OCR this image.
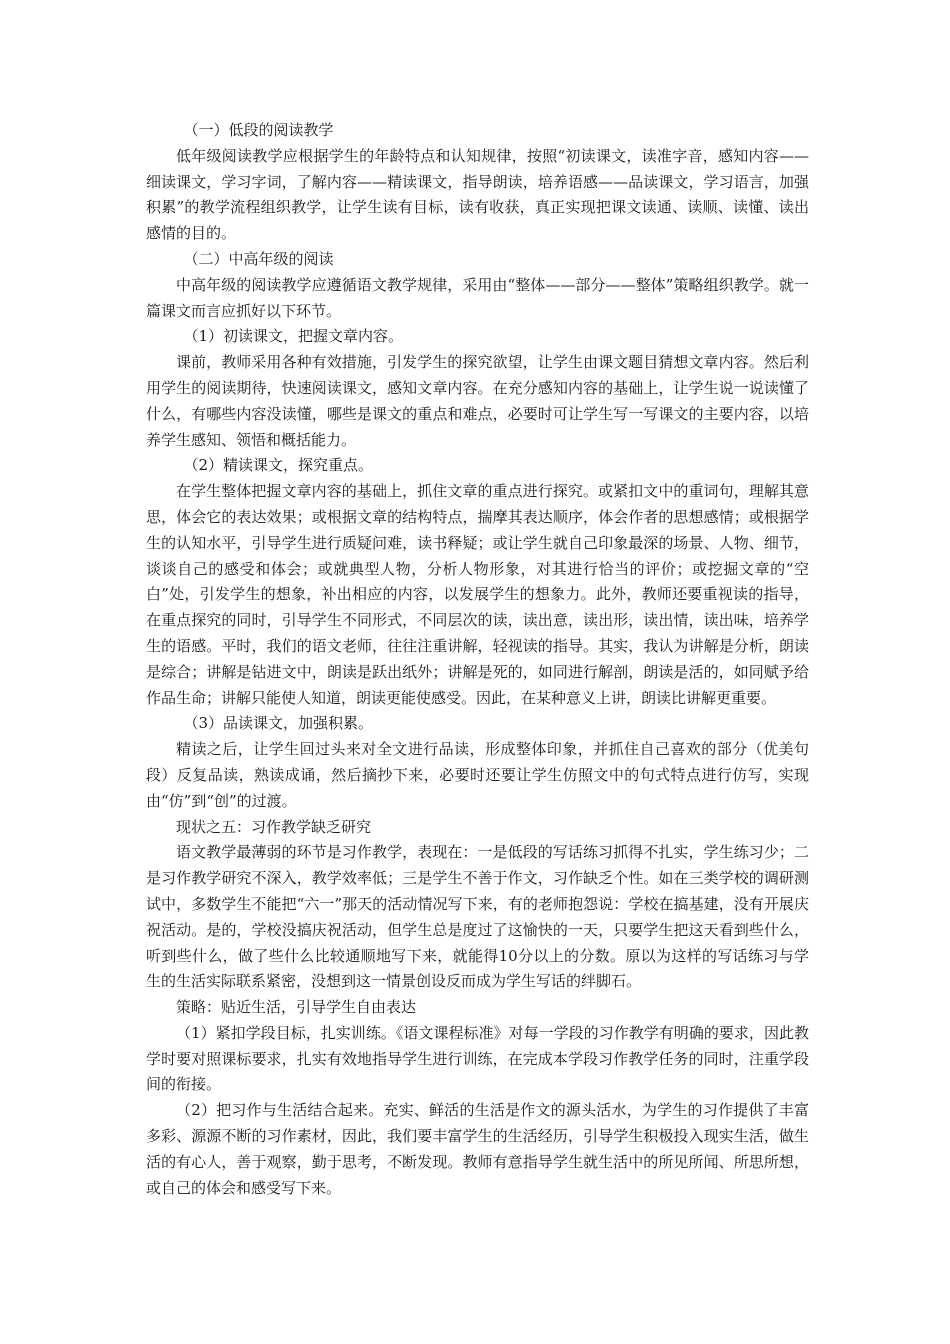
（一）低段的阅读教学

低年级阅读教学应根据学生的年龄特点和认知规律，按照“初读课文，读准字音，感知内容——细读课文，学习字词，了解内容——精读课文，指导朗读，培养语感——品读课文，学习语言，加强积累”的教学流程组织教学，让学生读有目标，读有收获，真正实现把课文读通、读顺、读懂、读出感情的目的。

（二）中高年级的阅读

中高年级的阅读教学应遵循语文教学规律，采用由“整体——部分——整体”策略组织教学。就一篇课文而言应抓好以下环节。

（1）初读课文，把握文章内容。

课前，教师采用各种有效措施，引发学生的探究欲望，让学生由课文题目猜想文章内容。然后利用学生的阅读期待，快速阅读课文，感知文章内容。在充分感知内容的基础上，让学生说一说读懂了什么，有哪些内容没读懂，哪些是课文的重点和难点，必要时可让学生写一写课文的主要内容，以培养学生感知、领悟和概括能力。

（2）精读课文，探究重点。

在学生整体把握文章内容的基础上，抓住文章的重点进行探究。或紧扣文中的重词句，理解其意思，体会它的表达效果；或根据文章的结构特点，揣摩其表达顺序，体会作者的思想感情；或根据学生的认知水平，引导学生进行质疑问难，读书释疑；或让学生就自己印象最深的场景、人物、细节，谈谈自己的感受和体会；或就典型人物，分析人物形象，对其进行恰当的评价；或挖掘文章的“空白”处，引发学生的想象，补出相应的内容，以发展学生的想象力。此外，教师还要重视读的指导，在重点探究的同时，引导学生不同形式，不同层次的读，读出意，读出形，读出情，读出味，培养学生的语感。平时，我们的语文老师，往往注重讲解，轻视读的指导。其实，我认为讲解是分析，朗读是综合；讲解是钻进文中，朗读是跃出纸外；讲解是死的，如同进行解剖，朗读是活的，如同赋予给作品生命；讲解只能使人知道，朗读更能使感受。因此，在某种意义上讲，朗读比讲解更重要。

（3）品读课文，加强积累。

精读之后，让学生回过头来对全文进行品读，形成整体印象，并抓住自己喜欢的部分（优美句段）反复品读，熟读成诵，然后摘抄下来，必要时还要让学生仿照文中的句式特点进行仿写，实现由“仿”到“创”的过渡。

现状之五：习作教学缺乏研究

语文教学最薄弱的环节是习作教学，表现在：一是低段的写话练习抓得不扎实，学生练习少；二是习作教学研究不深入，教学效率低；三是学生不善于作文，习作缺乏个性。如在三类学校的调研测试中，多数学生不能把“六一”那天的活动情况写下来，有的老师抱怨说：学校在搞基建，没有开展庆祝活动。是的，学校没搞庆祝活动，但学生总是度过了这愉快的一天，只要学生把这天看到些什么，听到些什么，做了些什么比较通顺地写下来，就能得10分以上的分数。原以为这样的写话练习与学生的生活实际联系紧密，没想到这一情景创设反而成为学生写话的绊脚石。

策略：贴近生活，引导学生自由表达

（1）紧扣学段目标，扎实训练。《语文课程标准》对每一学段的习作教学有明确的要求，因此教学时要对照课标要求，扎实有效地指导学生进行训练，在完成本学段习作教学任务的同时，注重学段间的衔接。

（2）把习作与生活结合起来。充实、鲜活的生活是作文的源头活水，为学生的习作提供了丰富多彩、源源不断的习作素材，因此，我们要丰富学生的生活经历，引导学生积极投入现实生活，做生活的有心人，善于观察，勤于思考，不断发现。教师有意指导学生就生活中的所见所闻、所思所想，或自己的体会和感受写下来。
